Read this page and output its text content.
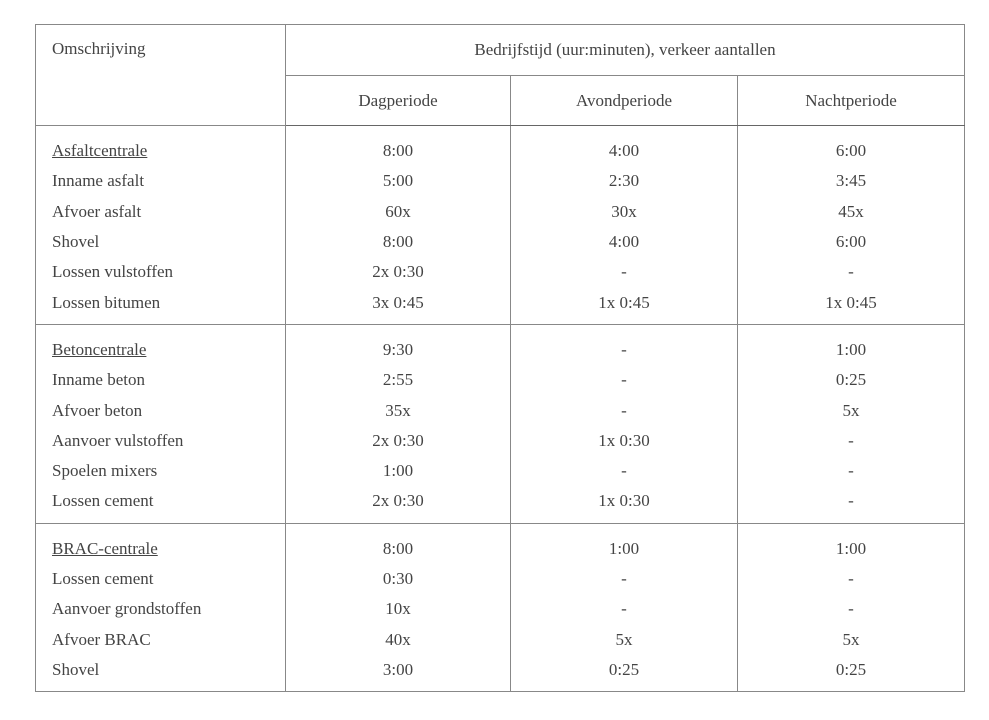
Omschrijving	Bedrijfstijd (uur:minuten), verkeer aantallen		
	Dagperiode	Avondperiode	Nachtperiode
Asfaltcentrale	8:00	4:00	6:00
Inname asfalt	5:00	2:30	3:45
Afvoer asfalt	60x	30x	45x
Shovel	8:00	4:00	6:00
Lossen vulstoffen	2x 0:30	-	-
Lossen bitumen	3x 0:45	1x 0:45	1x 0:45
Betoncentrale	9:30	-	1:00
Inname beton	2:55	-	0:25
Afvoer beton	35x	-	5x
Aanvoer vulstoffen	2x 0:30	1x 0:30	-
Spoelen mixers	1:00	-	-
Lossen cement	2x 0:30	1x 0:30	-
BRAC-centrale	8:00	1:00	1:00
Lossen cement	0:30	-	-
Aanvoer grondstoffen	10x	-	-
Afvoer BRAC	40x	5x	5x
Shovel	3:00	0:25	0:25
